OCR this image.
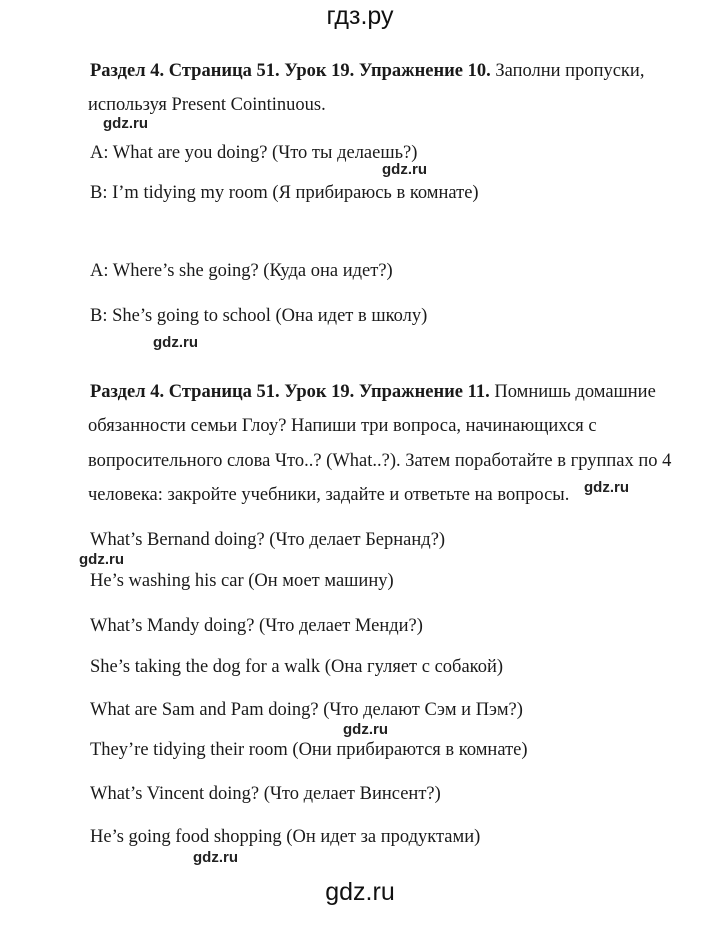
гдз.ру
Раздел 4. Страница 51. Урок 19. Упражнение 10. Заполни пропуски,
используя Present Cointinuous.
A: What are you doing? (Что ты делаешь?)
B: I’m tidying my room (Я прибираюсь в комнате)
A: Where’s she going? (Куда она идет?)
B: She’s going to school (Она идет в школу)
Раздел 4. Страница 51. Урок 19. Упражнение 11. Помнишь домашние
обязанности семьи Глоу? Напиши три вопроса, начинающихся с
вопросительного слова Что..? (What..?). Затем поработайте в группах по 4
человека: закройте учебники, задайте и ответьте на вопросы.
What’s Bernand doing? (Что делает Бернанд?)
He’s washing his car (Он моет машину)
What’s Mandy doing? (Что делает Менди?)
She’s taking the dog for a walk (Она гуляет с собакой)
What are Sam and Pam doing? (Что делают Сэм и Пэм?)
They’re tidying their room (Они прибираются в комнате)
What’s Vincent doing? (Что делает Винсент?)
He’s going food shopping (Он идет за продуктами)
gdz.ru
gdz.ru
gdz.ru
gdz.ru
gdz.ru
gdz.ru
gdz.ru
gdz.ru
